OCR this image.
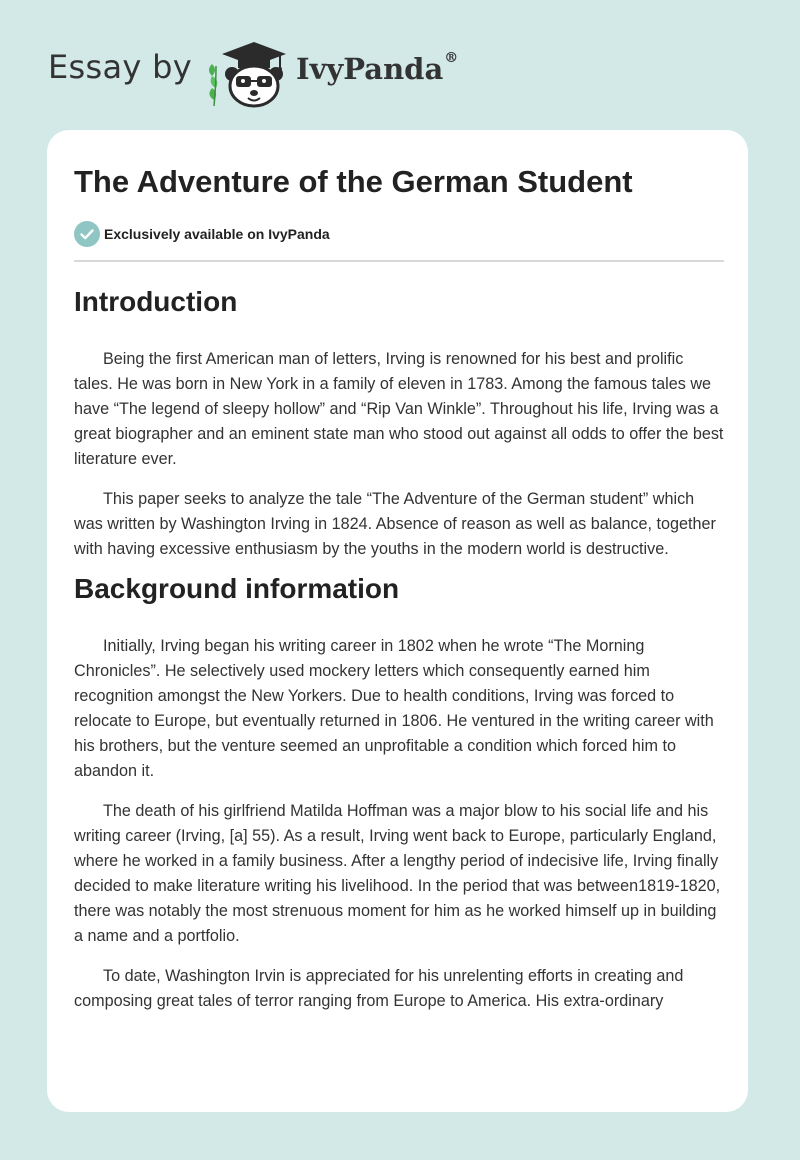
Essay by	IvyPanda®
The Adventure of the German Student
Exclusively available on IvyPanda
Introduction

Being the first American man of letters, Irving is renowned for his best and prolific tales. He was born in New York in a family of eleven in 1783. Among the famous tales we have “The legend of sleepy hollow” and “Rip Van Winkle”. Throughout his life, Irving was a great biographer and an eminent state man who stood out against all odds to offer the best literature ever.

This paper seeks to analyze the tale “The Adventure of the German student” which was written by Washington Irving in 1824. Absence of reason as well as balance, together with having excessive enthusiasm by the youths in the modern world is destructive.

Background information

Initially, Irving began his writing career in 1802 when he wrote “The Morning Chronicles”. He selectively used mockery letters which consequently earned him recognition amongst the New Yorkers. Due to health conditions, Irving was forced to relocate to Europe, but eventually returned in 1806. He ventured in the writing career with his brothers, but the venture seemed an unprofitable a condition which forced him to abandon it.

The death of his girlfriend Matilda Hoffman was a major blow to his social life and his writing career (Irving, [a] 55). As a result, Irving went back to Europe, particularly England, where he worked in a family business. After a lengthy period of indecisive life, Irving finally decided to make literature writing his livelihood. In the period that was between1819-1820, there was notably the most strenuous moment for him as he worked himself up in building a name and a portfolio.

To date, Washington Irvin is appreciated for his unrelenting efforts in creating and composing great tales of terror ranging from Europe to America. His extra-ordinary
